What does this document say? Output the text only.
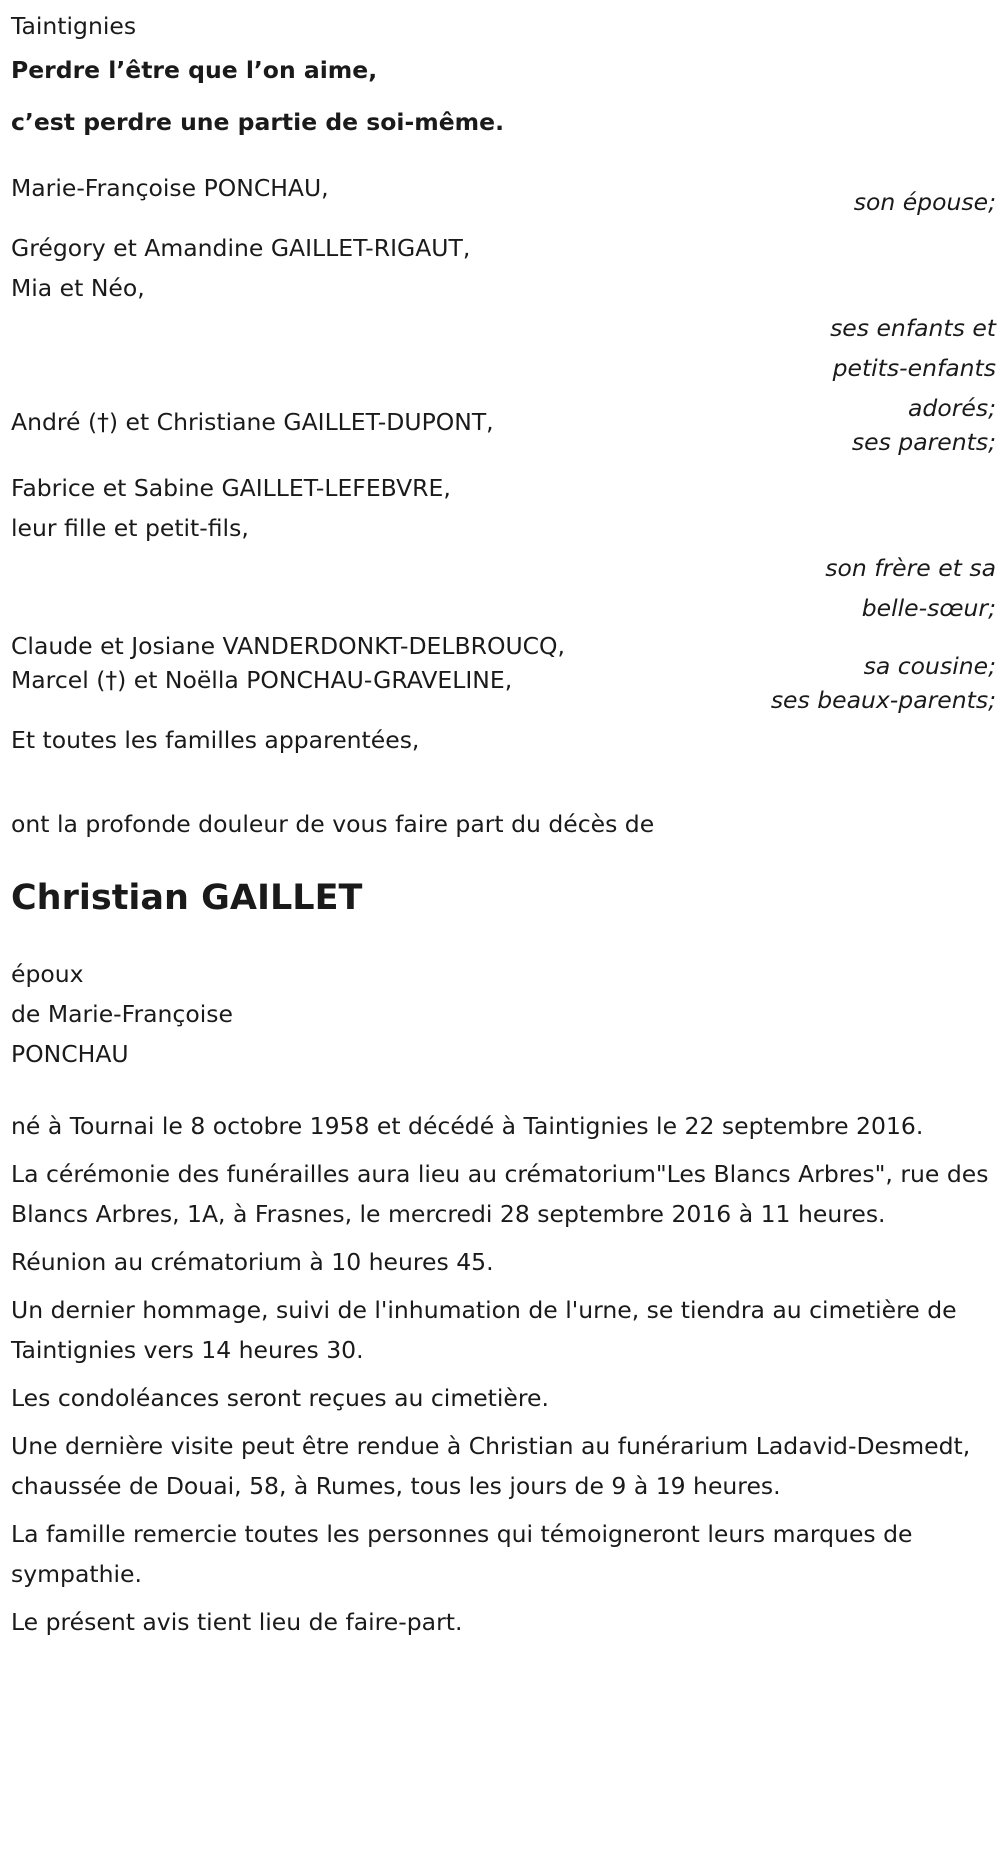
Taintignies
Perdre l’être que l’on aime,
c’est perdre une partie de soi-même.
Marie-Françoise PONCHAU,	son épouse;
Grégory et Amandine GAILLET-RIGAUT,
Mia et Néo,
ses enfants et
petits-enfants
adorés;
André (†) et Christiane GAILLET-DUPONT,
ses parents;
Fabrice et Sabine GAILLET-LEFEBVRE,
leur fille et petit-fils,
son frère et sa
belle-sœur;
Claude et Josiane VANDERDONKT-DELBROUCQ,
sa cousine;
Marcel (†) et Noëlla PONCHAU-GRAVELINE,
ses beaux-parents;
Et toutes les familles apparentées,
ont la profonde douleur de vous faire part du décès de
Christian GAILLET
époux
de Marie-Françoise
PONCHAU
né à Tournai le 8 octobre 1958 et décédé à Taintignies le 22 septembre 2016.
La cérémonie des funérailles aura lieu au crématorium"Les Blancs Arbres", rue des Blancs Arbres, 1A, à Frasnes, le mercredi 28 septembre 2016 à 11 heures.
Réunion au crématorium à 10 heures 45.
Un dernier hommage, suivi de l'inhumation de l'urne, se tiendra au cimetière de Taintignies vers 14 heures 30.
Les condoléances seront reçues au cimetière.
Une dernière visite peut être rendue à Christian au funérarium Ladavid-Desmedt, chaussée de Douai, 58, à Rumes, tous les jours de 9 à 19 heures.
La famille remercie toutes les personnes qui témoigneront leurs marques de sympathie.
Le présent avis tient lieu de faire-part.
